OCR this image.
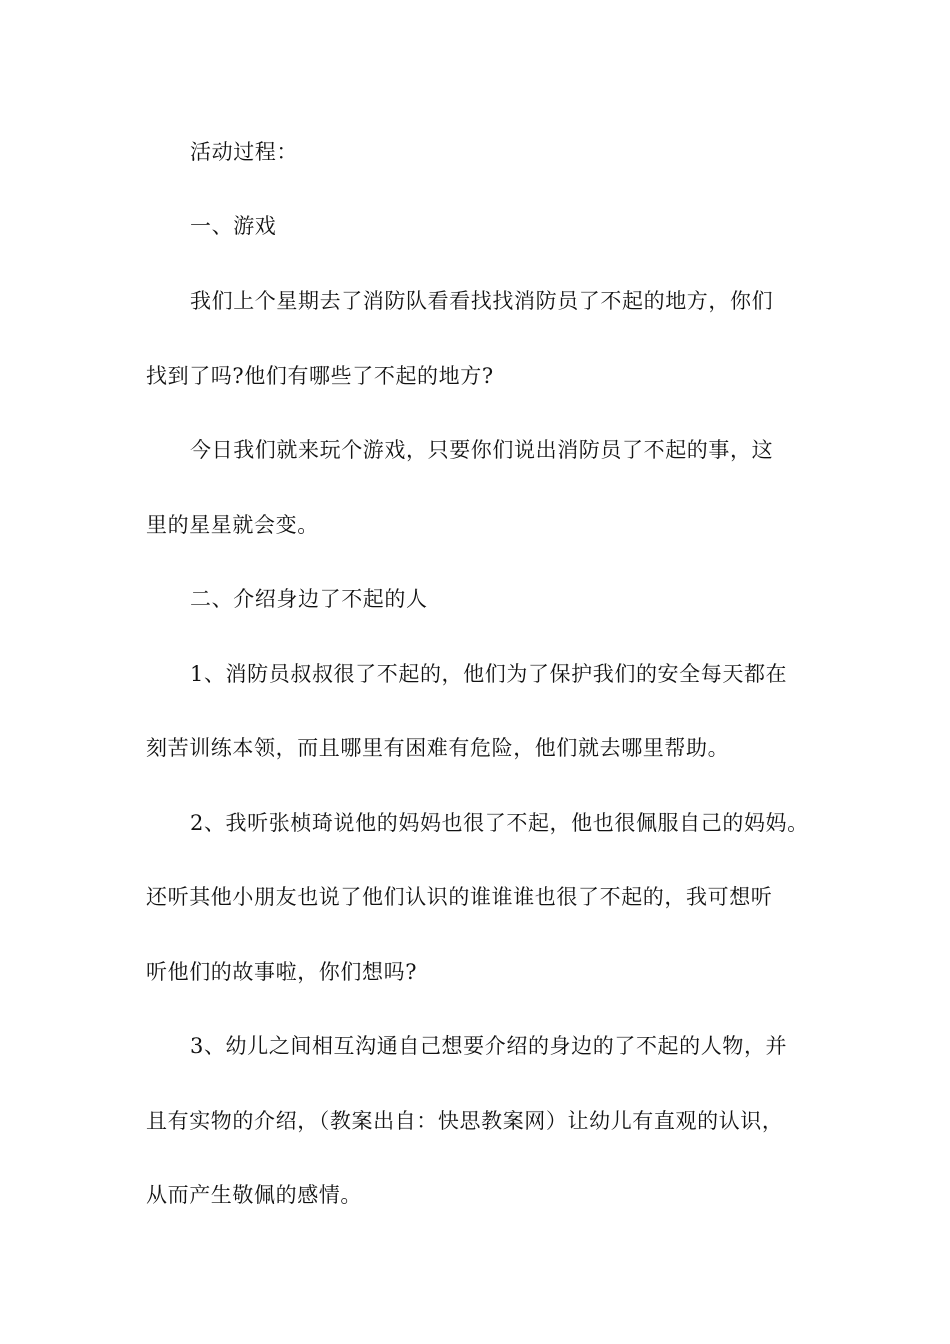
活动过程：
一、游戏
我们上个星期去了消防队看看找找消防员了不起的地方，你们
找到了吗?他们有哪些了不起的地方?
今日我们就来玩个游戏，只要你们说出消防员了不起的事，这
里的星星就会变。
二、介绍身边了不起的人
1、消防员叔叔很了不起的，他们为了保护我们的安全每天都在
刻苦训练本领，而且哪里有困难有危险，他们就去哪里帮助。
2、我听张桢琦说他的妈妈也很了不起，他也很佩服自己的妈妈。
还听其他小朋友也说了他们认识的谁谁谁也很了不起的，我可想听
听他们的故事啦，你们想吗?
3、幼儿之间相互沟通自己想要介绍的身边的了不起的人物，并
且有实物的介绍，（教案出自：快思教案网）让幼儿有直观的认识，
从而产生敬佩的感情。
